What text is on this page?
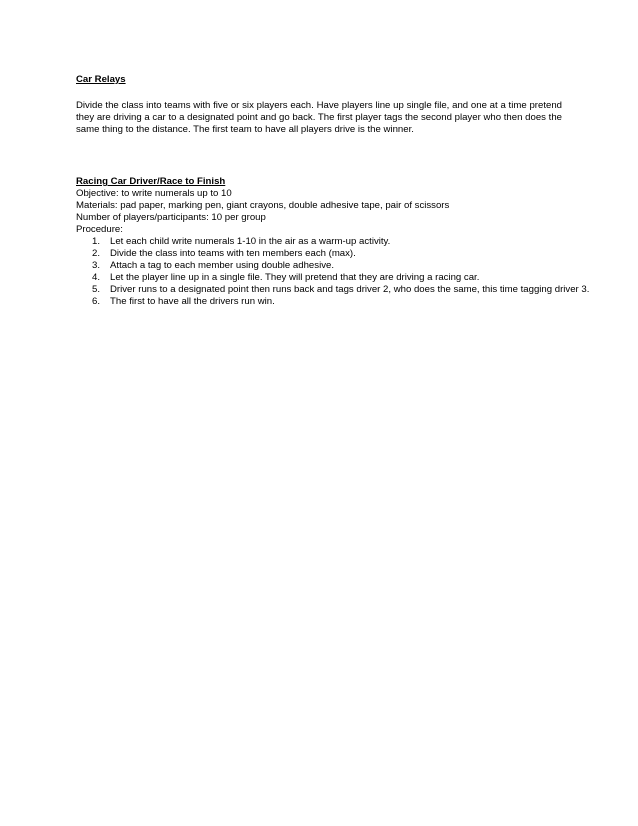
Car Relays

Divide the class into teams with five or six players each. Have players line up single file, and one at a time pretend they are driving a car to a designated point and go back. The first player tags the second player who then does the same thing to the distance. The first team to have all players drive is the winner.

Racing Car Driver/Race to Finish

Objective: to write numerals up to 10

Materials: pad paper, marking pen, giant crayons, double adhesive tape, pair of scissors

Number of players/participants: 10 per group

Procedure:

1. Let each child write numerals 1-10 in the air as a warm-up activity.
2. Divide the class into teams with ten members each (max).
3. Attach a tag to each member using double adhesive.
4. Let the player line up in a single file. They will pretend that they are driving a racing car.
5. Driver runs to a designated point then runs back and tags driver 2, who does the same, this time tagging driver 3.
6. The first to have all the drivers run win.
